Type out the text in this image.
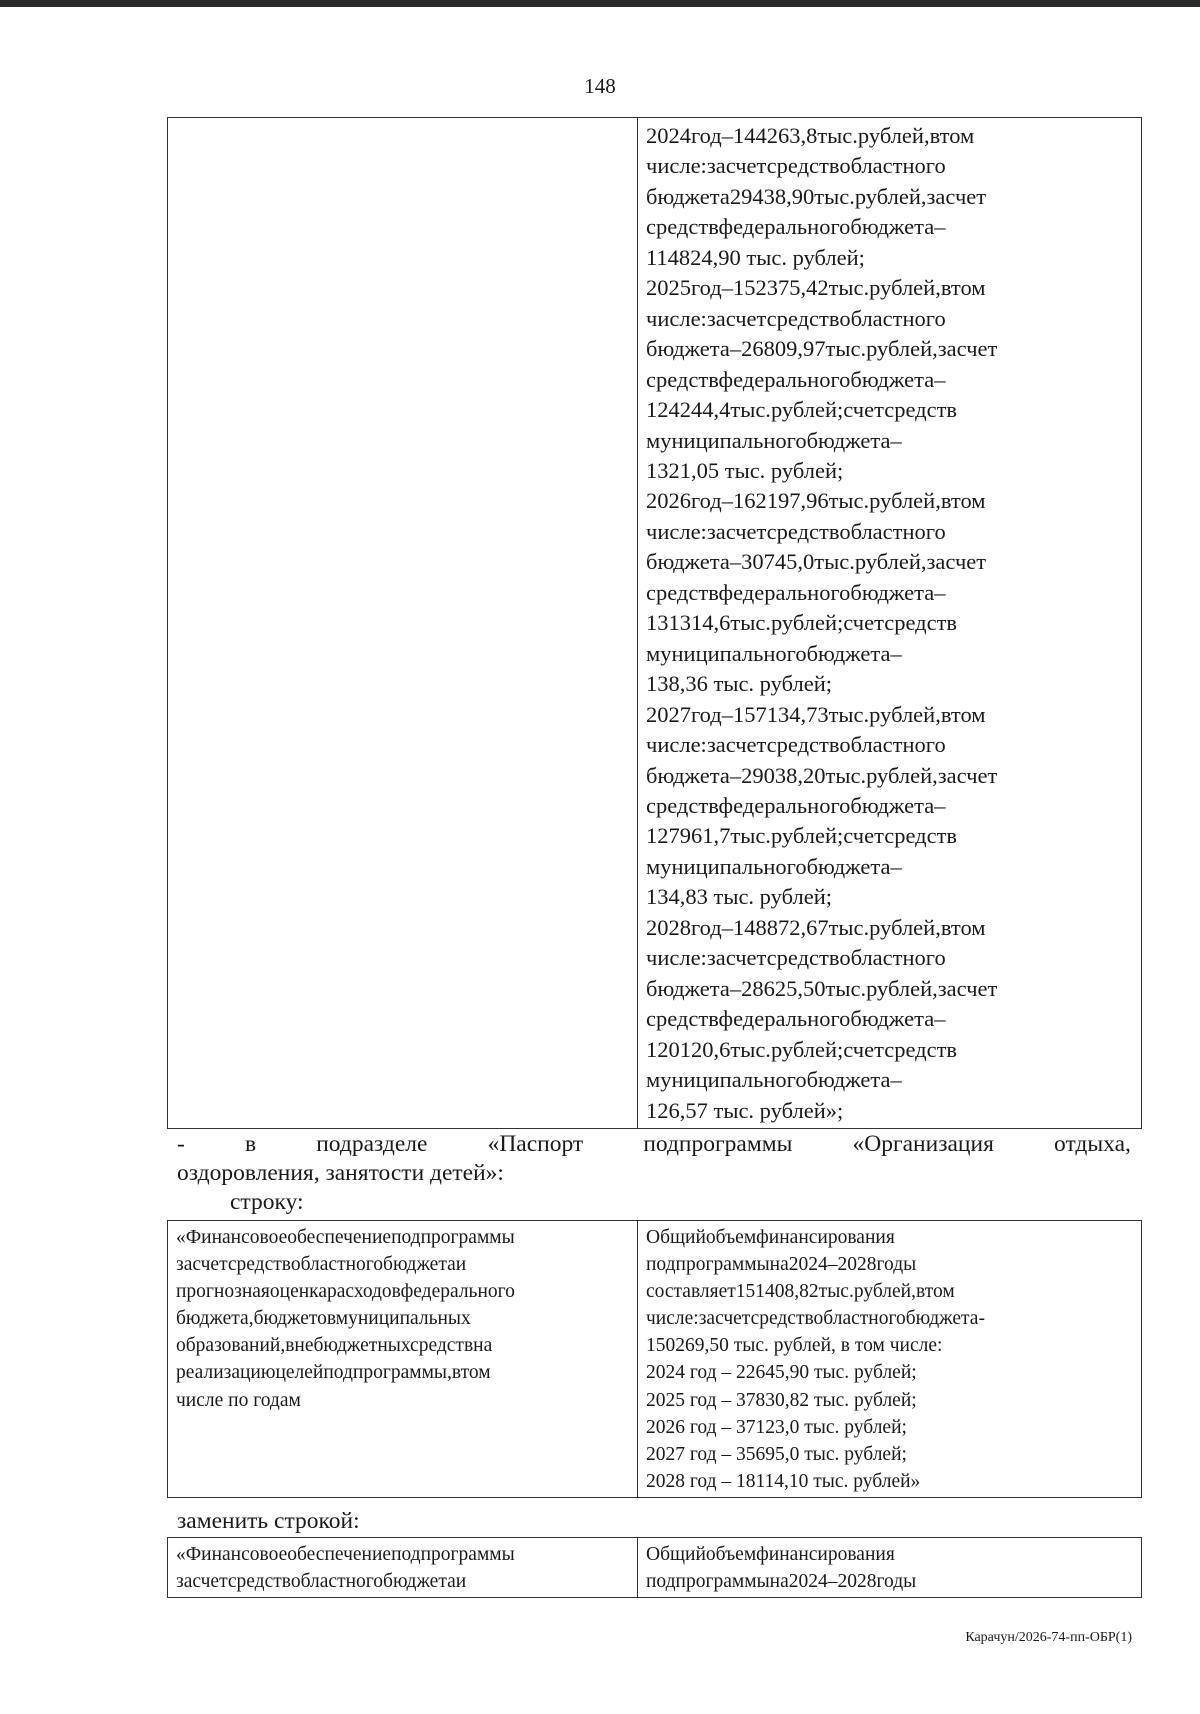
148

2024год–144263,8тыс.рублей,втом
числе:засчетсредствобластного
бюджета29438,90тыс.рублей,засчет
средствфедеральногобюджета–
114824,90 тыс. рублей;
2025год–152375,42тыс.рублей,втом
числе:засчетсредствобластного
бюджета–26809,97тыс.рублей,засчет
средствфедеральногобюджета–
124244,4тыс.рублей;счетсредств
муниципальногобюджета–
1321,05 тыс. рублей;
2026год–162197,96тыс.рублей,втом
числе:засчетсредствобластного
бюджета–30745,0тыс.рублей,засчет
средствфедеральногобюджета–
131314,6тыс.рублей;счетсредств
муниципальногобюджета–
138,36 тыс. рублей;
2027год–157134,73тыс.рублей,втом
числе:засчетсредствобластного
бюджета–29038,20тыс.рублей,засчет
средствфедеральногобюджета–
127961,7тыс.рублей;счетсредств
муниципальногобюджета–
134,83 тыс. рублей;
2028год–148872,67тыс.рублей,втом
числе:засчетсредствобластного
бюджета–28625,50тыс.рублей,засчет
средствфедеральногобюджета–
120120,6тыс.рублей;счетсредств
муниципальногобюджета–
126,57 тыс. рублей»;
-	в	подразделе	«Паспорт	подпрограммы	«Организация	отдыха,
оздоровления, занятости детей»:
строку:
«Финансовоеобеспечениеподпрограммы
засчетсредствобластногобюджетаи
прогнознаяоценкарасходовфедерального
бюджета,бюджетовмуниципальных
образований,внебюджетныхсредствна
реализациюцелейподпрограммы,втом
числе по годам

Общийобъемфинансирования
подпрограммына2024–2028годы
составляет151408,82тыс.рублей,втом
числе:засчетсредствобластногобюджета-
150269,50 тыс. рублей, в том числе:
2024 год – 22645,90 тыс. рублей;
2025 год – 37830,82 тыс. рублей;
2026 год – 37123,0 тыс. рублей;
2027 год – 35695,0 тыс. рублей;
2028 год – 18114,10 тыс. рублей»
заменить строкой:
«Финансовоеобеспечениеподпрограммы
засчетсредствобластногобюджетаи

Общийобъемфинансирования
подпрограммына2024–2028годы
Карачун/2026-74-пп-ОБР(1)
